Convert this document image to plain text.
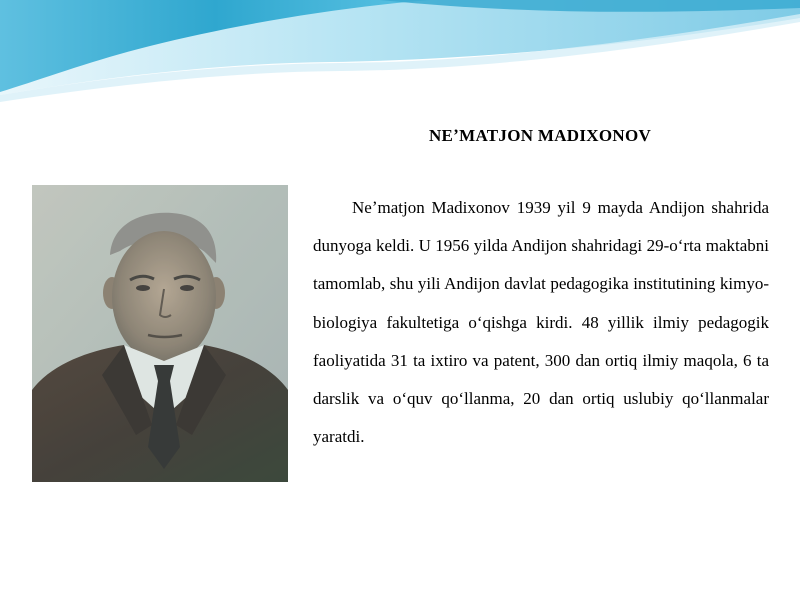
NEʼMATJON MADIXONOV

Neʼmatjon Madixonov 1939 yil 9 mayda Andijon shahrida dunyoga keldi. U 1956 yilda Andijon shahridagi 29-o‘rta maktabni tamomlab, shu yili Andijon davlat pedagogika institutining kimyo-biologiya fakultetiga o‘qishga kirdi. 48 yillik ilmiy pedagogik faoliyatida 31 ta ixtiro va patent, 300 dan ortiq ilmiy maqola, 6 ta darslik va o‘quv qo‘llanma, 20 dan ortiq uslubiy qo‘llanmalar yaratdi.
